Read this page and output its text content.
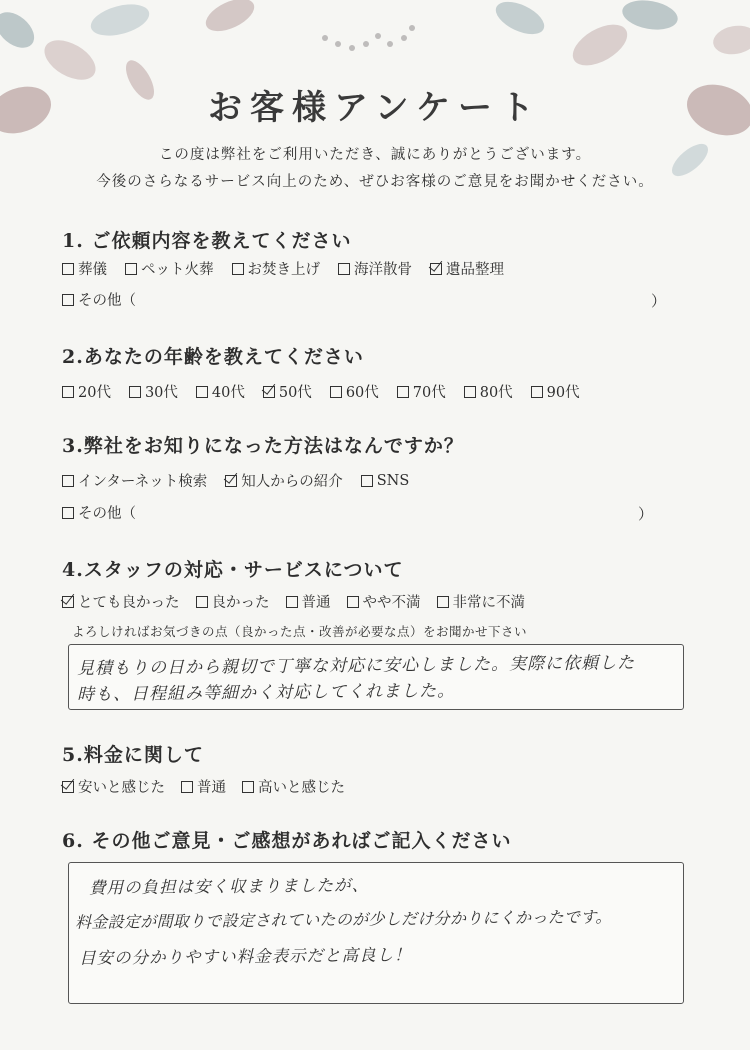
お客様アンケート
この度は弊社をご利用いただき、誠にありがとうございます。
今後のさらなるサービス向上のため、ぜひお客様のご意見をお聞かせください。
1. ご依頼内容を教えてください
葬儀 ペット火葬 お焚き上げ 海洋散骨 遺品整理
その他（	）
2.あなたの年齢を教えてください
20代 30代 40代 50代 60代 70代 80代 90代
3.弊社をお知りになった方法はなんですか？
インターネット検索 知人からの紹介 SNS
その他（	）
4.スタッフの対応・サービスについて
とても良かった 良かった 普通 やや不満 非常に不満
よろしければお気づきの点（良かった点・改善が必要な点）をお聞かせ下さい
見積もりの日から親切で丁寧な対応に安心しました。実際に依頼した
時も、日程組み等細かく対応してくれました。
5.料金に関して
安いと感じた 普通 高いと感じた
6. その他ご意見・ご感想があればご記入ください
費用の負担は安く収まりましたが、
料金設定が間取りで設定されていたのが少しだけ分かりにくかったです。
目安の分かりやすい料金表示だと高良し！
